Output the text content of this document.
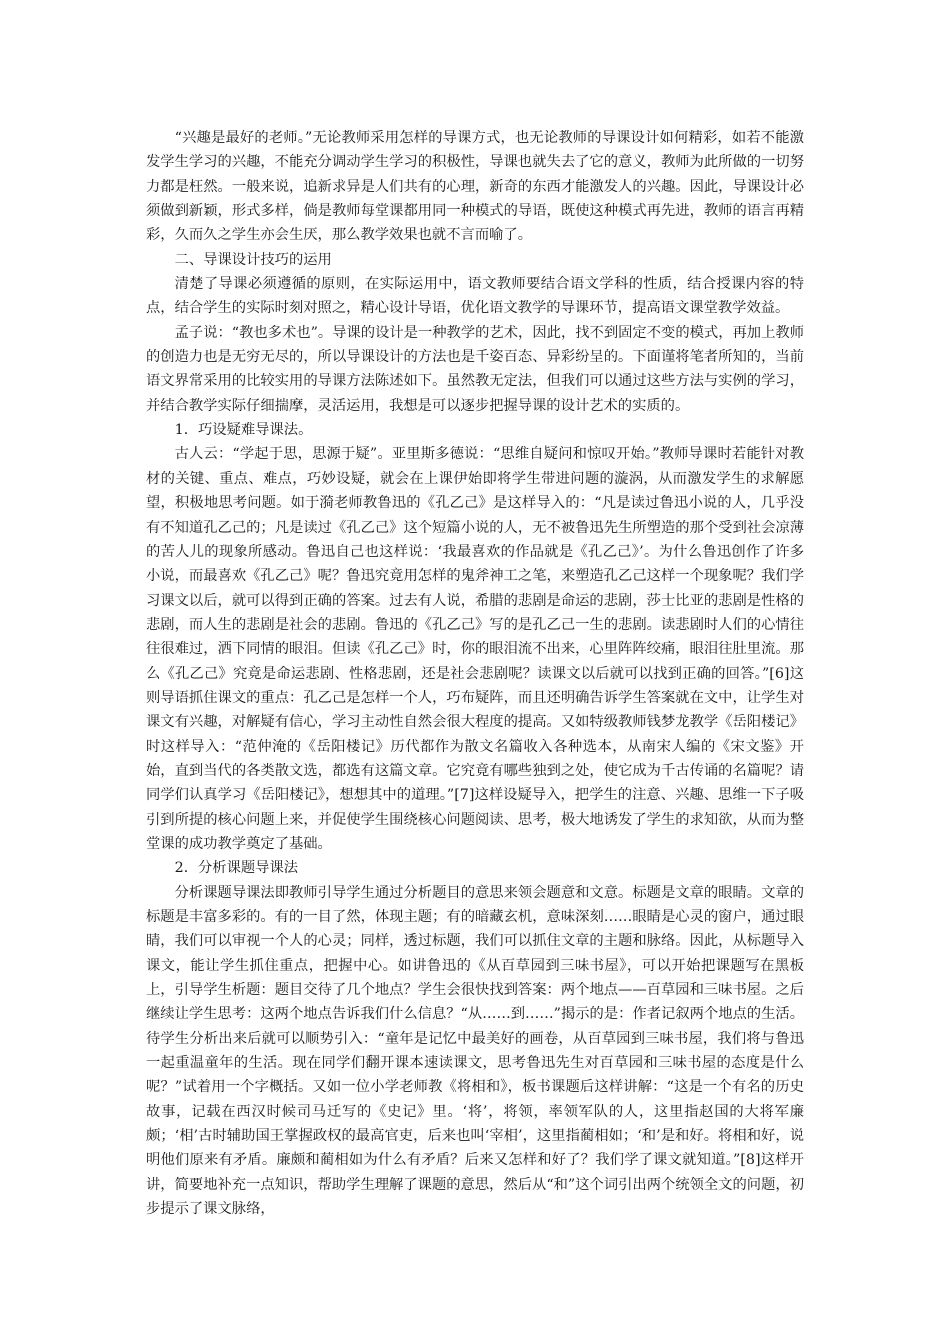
“兴趣是最好的老师。”无论教师采用怎样的导课方式，也无论教师的导课设计如何精彩，如若不能激发学生学习的兴趣，不能充分调动学生学习的积极性，导课也就失去了它的意义，教师为此所做的一切努力都是枉然。一般来说，追新求异是人们共有的心理，新奇的东西才能激发人的兴趣。因此，导课设计必须做到新颖，形式多样，倘是教师每堂课都用同一种模式的导语，既使这种模式再先进，教师的语言再精彩，久而久之学生亦会生厌，那么教学效果也就不言而喻了。

二、导课设计技巧的运用

清楚了导课必须遵循的原则，在实际运用中，语文教师要结合语文学科的性质，结合授课内容的特点，结合学生的实际时刻对照之，精心设计导语，优化语文教学的导课环节，提高语文课堂教学效益。

孟子说：“教也多术也”。导课的设计是一种教学的艺术，因此，找不到固定不变的模式，再加上教师的创造力也是无穷无尽的，所以导课设计的方法也是千姿百态、异彩纷呈的。下面谨将笔者所知的，当前语文界常采用的比较实用的导课方法陈述如下。虽然教无定法，但我们可以通过这些方法与实例的学习，并结合教学实际仔细揣摩，灵活运用，我想是可以逐步把握导课的设计艺术的实质的。

1．巧设疑难导课法。

古人云：“学起于思，思源于疑”。亚里斯多德说：“思维自疑问和惊叹开始。”教师导课时若能针对教材的关键、重点、难点，巧妙设疑，就会在上课伊始即将学生带进问题的漩涡，从而激发学生的求解愿望，积极地思考问题。如于漪老师教鲁迅的《孔乙己》是这样导入的：“凡是读过鲁迅小说的人，几乎没有不知道孔乙己的；凡是读过《孔乙己》这个短篇小说的人，无不被鲁迅先生所塑造的那个受到社会凉薄的苦人儿的现象所感动。鲁迅自己也这样说：‘我最喜欢的作品就是《孔乙己》’。为什么鲁迅创作了许多小说，而最喜欢《孔乙己》呢？鲁迅究竟用怎样的鬼斧神工之笔，来塑造孔乙己这样一个现象呢？我们学习课文以后，就可以得到正确的答案。过去有人说，希腊的悲剧是命运的悲剧，莎士比亚的悲剧是性格的悲剧，而人生的悲剧是社会的悲剧。鲁迅的《孔乙己》写的是孔乙己一生的悲剧。读悲剧时人们的心情往往很难过，洒下同情的眼泪。但读《孔乙己》时，你的眼泪流不出来，心里阵阵绞痛，眼泪往肚里流。那么《孔乙己》究竟是命运悲剧、性格悲剧，还是社会悲剧呢？读课文以后就可以找到正确的回答。”[6]这则导语抓住课文的重点：孔乙己是怎样一个人，巧布疑阵，而且还明确告诉学生答案就在文中，让学生对课文有兴趣，对解疑有信心，学习主动性自然会很大程度的提高。又如特级教师钱梦龙教学《岳阳楼记》时这样导入：“范仲淹的《岳阳楼记》历代都作为散文名篇收入各种选本，从南宋人编的《宋文鉴》开始，直到当代的各类散文选，都选有这篇文章。它究竟有哪些独到之处，使它成为千古传诵的名篇呢？请同学们认真学习《岳阳楼记》，想想其中的道理。”[7]这样设疑导入，把学生的注意、兴趣、思维一下子吸引到所提的核心问题上来，并促使学生围绕核心问题阅读、思考，极大地诱发了学生的求知欲，从而为整堂课的成功教学奠定了基础。

2．分析课题导课法

分析课题导课法即教师引导学生通过分析题目的意思来领会题意和文意。标题是文章的眼睛。文章的标题是丰富多彩的。有的一目了然，体现主题；有的暗藏玄机，意味深刻……眼睛是心灵的窗户，通过眼睛，我们可以审视一个人的心灵；同样，透过标题，我们可以抓住文章的主题和脉络。因此，从标题导入课文，能让学生抓住重点，把握中心。如讲鲁迅的《从百草园到三味书屋》，可以开始把课题写在黑板上，引导学生析题：题目交待了几个地点？学生会很快找到答案：两个地点——百草园和三味书屋。之后继续让学生思考：这两个地点告诉我们什么信息？“从……到……”揭示的是：作者记叙两个地点的生活。待学生分析出来后就可以顺势引入：“童年是记忆中最美好的画卷，从百草园到三味书屋，我们将与鲁迅一起重温童年的生活。现在同学们翻开课本速读课文，思考鲁迅先生对百草园和三味书屋的态度是什么呢？”试着用一个字概括。又如一位小学老师教《将相和》，板书课题后这样讲解：“这是一个有名的历史故事，记载在西汉时候司马迁写的《史记》里。‘将’，将领，率领军队的人，这里指赵国的大将军廉颇；‘相’古时辅助国王掌握政权的最高官吏，后来也叫‘宰相’，这里指蔺相如；‘和’是和好。将相和好，说明他们原来有矛盾。廉颇和蔺相如为什么有矛盾？后来又怎样和好了？我们学了课文就知道。”[8]这样开讲，简要地补充一点知识，帮助学生理解了课题的意思，然后从“和”这个词引出两个统领全文的问题，初步提示了课文脉络，
